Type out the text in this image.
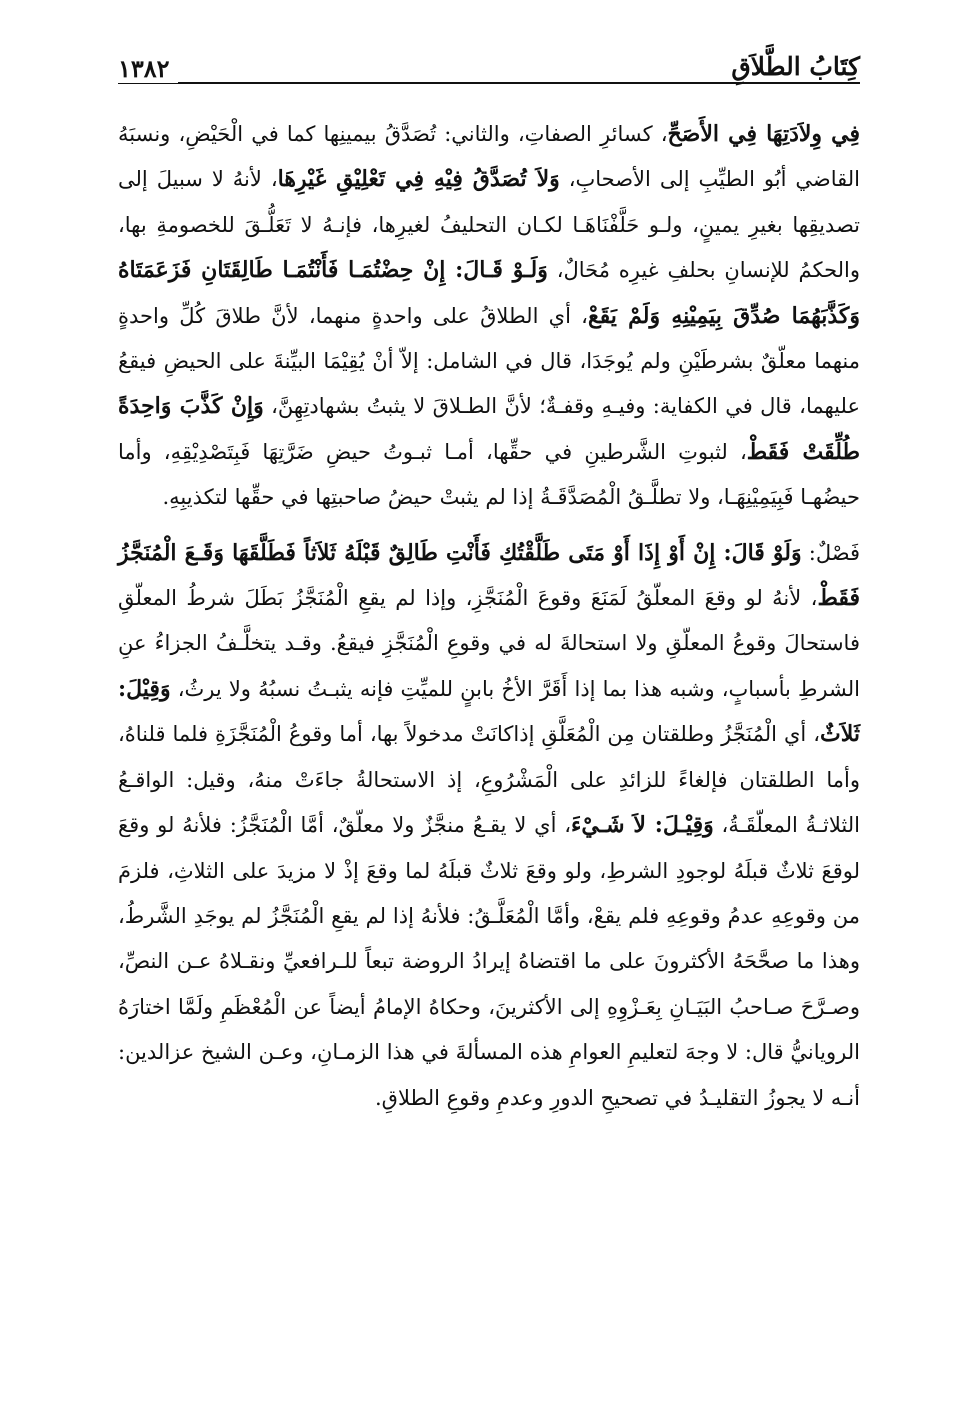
كِتَابُ الطَّلاَقِ
١٣٨٢

فِي وِلاَدَتِهَا فِي الأَصَحِّ، كسائرِ الصفاتِ، والثاني: تُصَدَّقُ بيمينِها كما في الْحَيْضِ، ونسبَهُ القاضي أبُو الطيِّبِ إلى الأصحابِ، وَلاَ تُصَدَّقُ فِيْهِ فِي تَعْلِيْقِ غَيْرِهَا، لأنهُ لا سبيلَ إلى تصديقِها بغيرِ يمينٍ، ولـو حَلَّفْنَاهَـا لكـان التحليفُ لغيرِها، فإنـهُ لا تَعَلُّـقَ للخصومةِ بها، والحكمُ للإنسانِ بحلفِ غيرِه مُحَالٌ، وَلَـوْ قَـالَ: إِنْ حِضْتُمَـا فَأَنْتُمَـا طَالِقَتَانِ فَزَعَمَتَاهُ وَكَذَّبَهُمَا صُدِّقَ بِيَمِيْنِهِ وَلَمْ يَقَعْ، أي الطلاقُ على واحدةٍ منهما، لأنَّ طلاقَ كُلِّ واحدةٍ منهما معلّقٌ بشرطَيْنِ ولم يُوجَدَا، قال في الشامل: إلاّ أنْ يُقِيْمَا البيِّنةَ على الحيضِ فيقعُ عليهما، قال في الكفاية: وفيـهِ وقفـةٌ؛ لأنَّ الطـلاقَ لا يثبتُ بشهادتِهِنَّ، وَإِنْ كَذَّبَ وَاحِدَةً طُلِّقَتْ فَقَطْ، لثبوتِ الشَّرطينِ في حقِّها، أمـا ثبـوتُ حيضِ ضَرَّتِهَا فَبِتَصْدِيْقِهِ، وأما حيضُهـا فَبِيَمِيْنِهَـا، ولا تطلَّـقُ الْمُصَدَّقَـةُ إذا لم يثبتْ حيضُ صاحبتِها في حقِّها لتكذيبِهِ.

فَصْلٌ: وَلَوْ قَالَ: إِنْ أَوْ إِذَا أَوْ مَتَى طَلَّقْتُكِ فَأَنْتِ طَالِقٌ قَبْلَهُ ثَلاَثاً فَطَلَّقَهَا وَقَـعَ الْمُنَجَّزُ فَقَطْ، لأنهُ لو وقعَ المعلّقُ لَمَنَعَ وقوعَ الْمُنَجَّزِ، وإذا لم يقعِ الْمُنَجَّزُ بَطَلَ شرطُ المعلّقِ فاستحالَ وقوعُ المعلّقِ ولا استحالةَ له في وقوعِ الْمُنَجَّزِ فيقعُ. وقـد يتخلَّـفُ الجزاءُ عنِ الشرطِ بأسبابٍ، وشبه هذا بما إذا أَقَرَّ الأخُ بابنٍ للميِّتِ فإنه يثبـتُ نسبُهُ ولا يرثُ، وَقِيْلَ: ثَلاَثٌ، أي الْمُنَجَّزُ وطلقتان مِن الْمُعَلَّقِ إذاكانَتْ مدخولاً بها، أما وقوعُ الْمُنَجَّزَةِ فلما قلناهُ، وأما الطلقتان فإلغاءً للزائدِ على الْمَشْرُوعِ، إذ الاستحالةُ جاءَتْ منهُ، وقيل: الواقـعُ الثلاثـةُ المعلّقَـةُ، وَقِيْـلَ: لاَ شَـيْءَ، أي لا يقـعُ منجَّزٌ ولا معلّقٌ، أمَّا الْمُنَجَّزُ: فلأنهُ لو وقعَ لوقعَ ثلاثٌ قبلَهُ لوجودِ الشرطِ، ولو وقعَ ثلاثٌ قبلَهُ لما وقعَ إذْ لا مزيدَ على الثلاثِ، فلزمَ من وقوعِهِ عدمُ وقوعِهِ فلم يقعْ، وأمَّا الْمُعَلَّـقُ: فلأنهُ إذا لم يقعِ الْمُنَجَّزُ لم يوجَدِ الشَّرطُ، وهذا ما صحَّحَهُ الأكثرونَ على ما اقتضاهُ إيرادُ الروضة تبعاً للـرافعيِّ ونقـلاهُ عـن النصِّ، وصـرَّحَ صـاحبُ البَيَـانِ بِعَـزْوِهِ إلى الأكثرينَ، وحكاهُ الإمامُ أيضاً عن الْمُعْظَمِ ولَمَّا اختارَهُ الرويانيُّ قال: لا وجهَ لتعليمِ العوامِ هذه المسألةَ في هذا الزمـانِ، وعـن الشيخ عزالدين: أنـه لا يجوزُ التقليـدُ في تصحيحِ الدورِ وعدمِ وقوعِ الطلاقِ.
